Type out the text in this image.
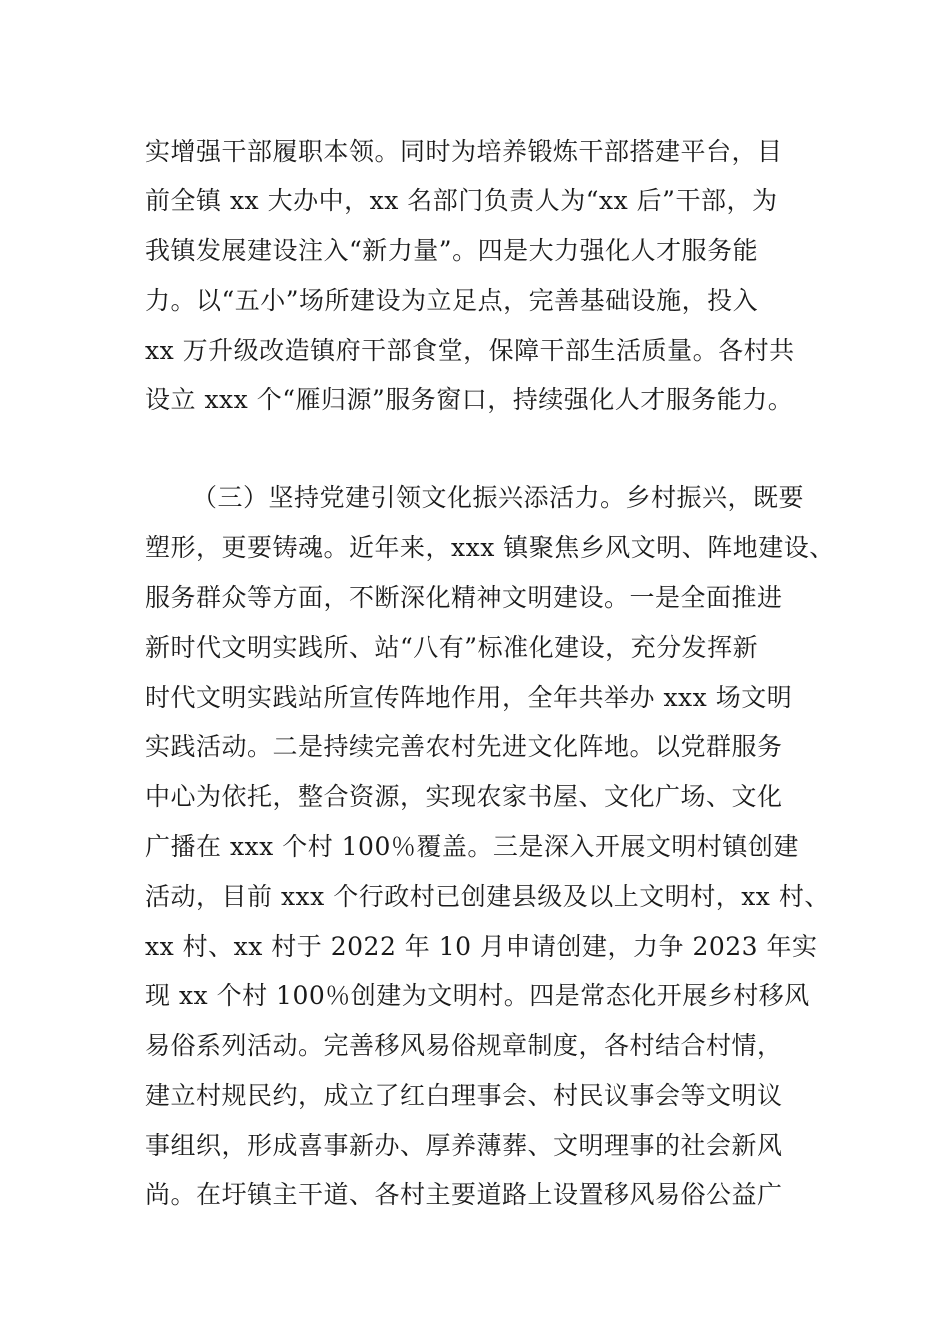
实增强干部履职本领。同时为培养锻炼干部搭建平台，目
前全镇 xx 大办中，xx 名部门负责人为“xx 后”干部，为
我镇发展建设注入“新力量”。四是大力强化人才服务能
力。以“五小”场所建设为立足点，完善基础设施，投入
xx 万升级改造镇府干部食堂，保障干部生活质量。各村共
设立 xxx 个“雁归源”服务窗口，持续强化人才服务能力。
（三）坚持党建引领文化振兴添活力。乡村振兴，既要
塑形，更要铸魂。近年来，xxx 镇聚焦乡风文明、阵地建设、
服务群众等方面，不断深化精神文明建设。一是全面推进
新时代文明实践所、站“八有”标准化建设，充分发挥新
时代文明实践站所宣传阵地作用，全年共举办 xxx 场文明
实践活动。二是持续完善农村先进文化阵地。以党群服务
中心为依托，整合资源，实现农家书屋、文化广场、文化
广播在 xxx 个村 100％覆盖。三是深入开展文明村镇创建
活动，目前 xxx 个行政村已创建县级及以上文明村，xx 村、
xx 村、xx 村于 2022 年 10 月申请创建，力争 2023 年实
现 xx 个村 100％创建为文明村。四是常态化开展乡村移风
易俗系列活动。完善移风易俗规章制度，各村结合村情，
建立村规民约，成立了红白理事会、村民议事会等文明议
事组织，形成喜事新办、厚养薄葬、文明理事的社会新风
尚。在圩镇主干道、各村主要道路上设置移风易俗公益广
